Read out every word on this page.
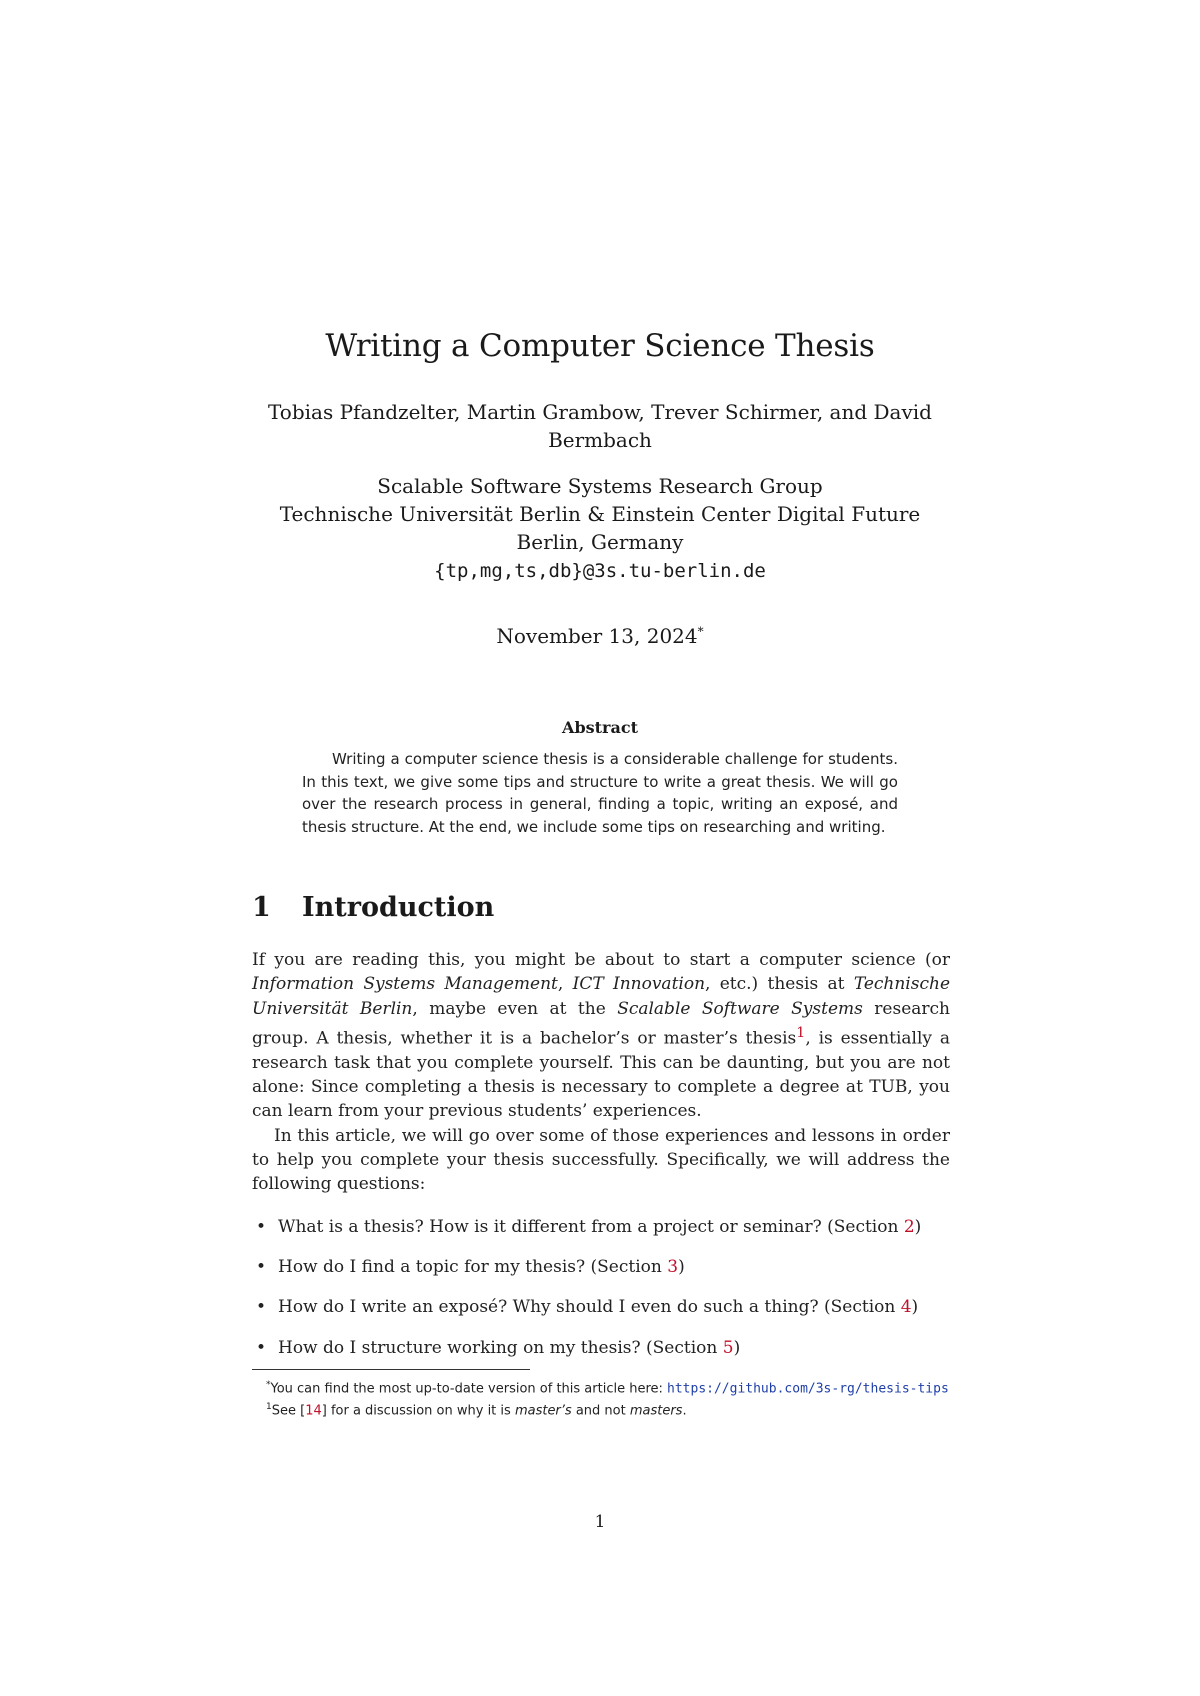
Writing a Computer Science Thesis
Tobias Pfandzelter, Martin Grambow, Trever Schirmer, and David
Bermbach
Scalable Software Systems Research Group
Technische Universität Berlin & Einstein Center Digital Future
Berlin, Germany
{tp,mg,ts,db}@3s.tu-berlin.de
November 13, 2024*
Abstract
Writing a computer science thesis is a considerable challenge for students. In this text, we give some tips and structure to write a great thesis. We will go over the research process in general, finding a topic, writing an exposé, and thesis structure. At the end, we include some tips on researching and writing.
1 Introduction

If you are reading this, you might be about to start a computer science (or Information Systems Management, ICT Innovation, etc.) thesis at Technische Universität Berlin, maybe even at the Scalable Software Systems research group. A thesis, whether it is a bachelor’s or master’s thesis$^1$, is essentially a research task that you complete yourself. This can be daunting, but you are not alone: Since completing a thesis is necessary to complete a degree at TUB, you can learn from your previous students’ experiences.

In this article, we will go over some of those experiences and lessons in order to help you complete your thesis successfully. Specifically, we will address the following questions:

• What is a thesis? How is it different from a project or seminar? (Section 2)
• How do I find a topic for my thesis? (Section 3)
• How do I write an exposé? Why should I even do such a thing? (Section 4)
• How do I structure working on my thesis? (Section 5)

*You can find the most up-to-date version of this article here: https://github.com/3s-rg/thesis-tips

$^1$See [14] for a discussion on why it is master’s and not masters.

1
